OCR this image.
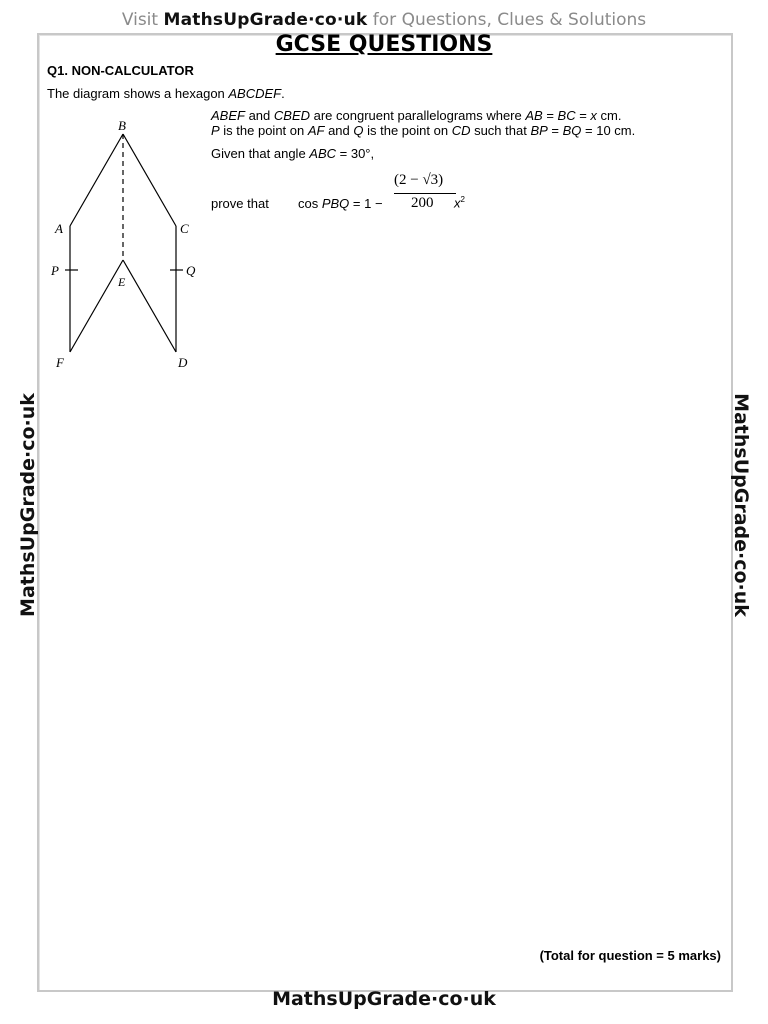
Visit MathsUpGrade·co·uk for Questions, Clues & Solutions
GCSE QUESTIONS
Q1. NON-CALCULATOR
The diagram shows a hexagon ABCDEF.
ABEF and CBED are congruent parallelograms where AB = BC = x cm.
P is the point on AF and Q is the point on CD such that BP = BQ = 10 cm.
Given that angle ABC = 30°,
prove that cos PBQ = 1 −
(2 − √3)
200 $x^2$
B
A	C
P	Q
E
F	D
MathsUpGrade·co·uk	MathsUpGrade·co·uk
(Total for question = 5 marks)
MathsUpGrade·co·uk
